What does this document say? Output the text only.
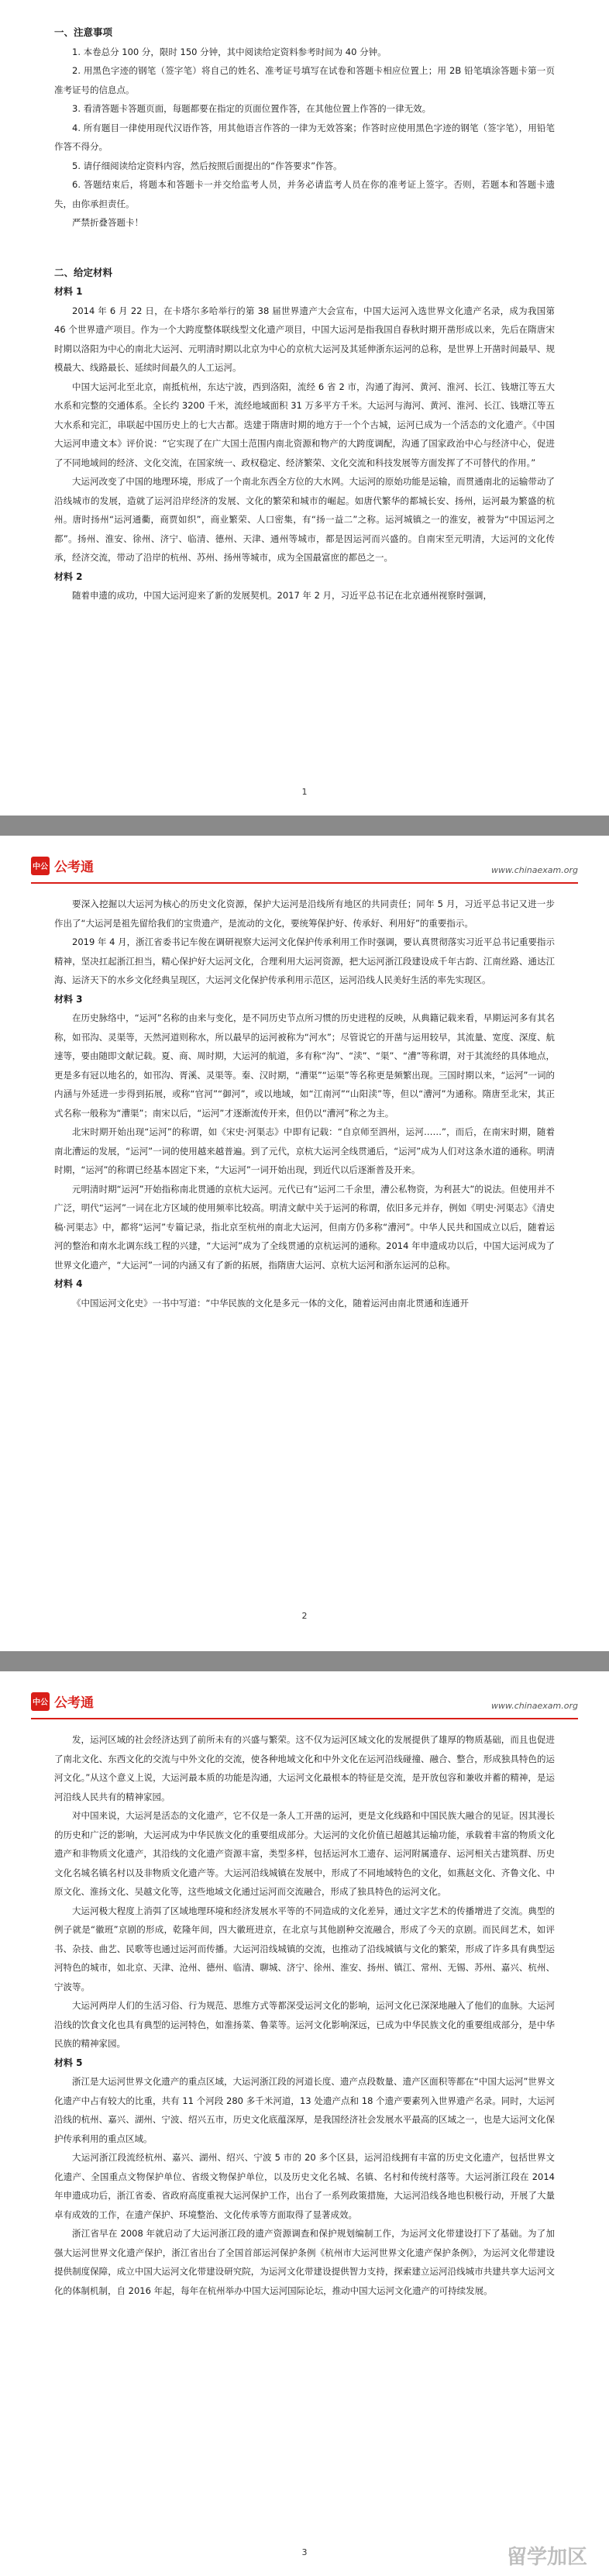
一、注意事项

1. 本卷总分 100 分，限时 150 分钟，其中阅读给定资料参考时间为 40 分钟。

2. 用黑色字迹的钢笔（签字笔）将自己的姓名、准考证号填写在试卷和答题卡相应位置上；用 2B 铅笔填涂答题卡第一页准考证号的信息点。

3. 看清答题卡答题页面，每题都要在指定的页面位置作答，在其他位置上作答的一律无效。

4. 所有题目一律使用现代汉语作答，用其他语言作答的一律为无效答案；作答时应使用黑色字迹的钢笔（签字笔），用铅笔作答不得分。

5. 请仔细阅读给定资料内容，然后按照后面提出的“作答要求”作答。

6. 答题结束后，将题本和答题卡一并交给监考人员，并务必请监考人员在你的准考证上签字。否则，若题本和答题卡遗失，由你承担责任。

严禁折叠答题卡！

二、给定材料
材料 1

2014 年 6 月 22 日，在卡塔尔多哈举行的第 38 届世界遗产大会宣布，中国大运河入选世界文化遗产名录，成为我国第 46 个世界遗产项目。作为一个大跨度整体联线型文化遗产项目，中国大运河是指我国自春秋时期开凿形成以来，先后在隋唐宋时期以洛阳为中心的南北大运河、元明清时期以北京为中心的京杭大运河及其延伸浙东运河的总称，是世界上开凿时间最早、规模最大、线路最长、延续时间最久的人工运河。

中国大运河北至北京，南抵杭州，东达宁波，西到洛阳，流经 6 省 2 市，沟通了海河、黄河、淮河、长江、钱塘江等五大水系和完整的交通体系。全长约 3200 千米，流经地域面积 31 万多平方千米。大运河与海河、黄河、淮河、长江、钱塘江等五大水系和完汇，串联起中国历史上的七大古都。迭建于隋唐时期的地方于一个个古城，运河已成为一个活态的文化遗产。《中国大运河申遗文本》评价说：“它实现了在广大国土范围内南北资源和物产的大跨度调配，沟通了国家政治中心与经济中心，促进了不同地域间的经济、文化交流，在国家统一、政权稳定、经济繁荣、文化交流和科技发展等方面发挥了不可替代的作用。”

大运河改变了中国的地理环境，形成了一个南北东西全方位的大水网。大运河的原始功能是运输，而贯通南北的运输带动了沿线城市的发展，造就了运河沿岸经济的发展、文化的繁荣和城市的崛起。如唐代繁华的都城长安、扬州，运河最为繁盛的杭州。唐时扬州“运河通衢，商贾如织”，商业繁荣、人口密集，有“扬一益二”之称。运河城镇之一的淮安，被誉为“中国运河之都”。扬州、淮安、徐州、济宁、临清、德州、天津、通州等城市，都是因运河而兴盛的。自南宋至元明清，大运河的文化传承，经济交流，带动了沿岸的杭州、苏州、扬州等城市，成为全国最富庶的都邑之一。

材料 2

随着申遗的成功，中国大运河迎来了新的发展契机。2017 年 2 月，习近平总书记在北京通州视察时强调，

1
中公 公考通	www.chinaexam.org

要深入挖掘以大运河为核心的历史文化资源，保护大运河是沿线所有地区的共同责任；同年 5 月，习近平总书记又进一步作出了“大运河是祖先留给我们的宝贵遗产，是流动的文化，要统筹保护好、传承好、利用好”的重要指示。

2019 年 4 月，浙江省委书记车俊在调研视察大运河文化保护传承利用工作时强调，要认真贯彻落实习近平总书记重要指示精神，坚决扛起浙江担当，精心保护好大运河文化，合理利用大运河资源，把大运河浙江段建设成千年古韵、江南丝路、通达江海、运济天下的水乡文化经典呈现区，大运河文化保护传承利用示范区，运河沿线人民美好生活的率先实现区。

材料 3

在历史脉络中，“运河”名称的由来与变化，是不同历史节点所习惯的历史进程的反映，从典籍记载来看，早期运河多有其名称，如邗沟、灵渠等，天然河道则称水，所以最早的运河被称为“河水”；尽管说它的开凿与运用较早，其流量、宽度、深度、航速等，要由随即文献记载。夏、商、周时期，大运河的航道，多有称“沟”、“渎”、“渠”、“漕”等称谓，对于其流经的具体地点，更是多有冠以地名的，如邗沟、胥溪、灵渠等。秦、汉时期，“漕渠”“运渠”等名称更是频繁出现。三国时期以来，“运河”一词的内涵与外延进一步得到拓展，或称“官河”“御河”，或以地域，如“江南河”“山阳渎”等，但以“漕河”为通称。隋唐至北宋，其正式名称一般称为“漕渠”；南宋以后，“运河”才逐渐流传开来，但仍以“漕河”称之为主。

北宋时期开始出现“运河”的称谓，如《宋史·河渠志》中即有记载：“自京师至泗州，运河……”，而后，在南宋时期，随着南北漕运的发展，“运河”一词的使用越来越普遍。到了元代，京杭大运河全线贯通后，“运河”成为人们对这条水道的通称。明清时期，“运河”的称谓已经基本固定下来，“大运河”一词开始出现，到近代以后逐渐普及开来。

元明清时期“运河”开始指称南北贯通的京杭大运河。元代已有“运河二千余里，漕公私物资，为利甚大”的说法。但使用并不广泛，明代“运河”一词在北方区域的使用频率比较高。明清文献中关于运河的称谓，依旧多元并存，例如《明史·河渠志》《清史稿·河渠志》中，都将“运河”专篇记录，指北京至杭州的南北大运河，但南方仍多称“漕河”。中华人民共和国成立以后，随着运河的整治和南水北调东线工程的兴建，“大运河”成为了全线贯通的京杭运河的通称。2014 年申遗成功以后，中国大运河成为了世界文化遗产，“大运河”一词的内涵又有了新的拓展，指隋唐大运河、京杭大运河和浙东运河的总称。

材料 4

《中国运河文化史》一书中写道：“中华民族的文化是多元一体的文化，随着运河由南北贯通和连通开

2
中公 公考通	www.chinaexam.org

发，运河区域的社会经济达到了前所未有的兴盛与繁荣。这不仅为运河区域文化的发展提供了雄厚的物质基础，而且也促进了南北文化、东西文化的交流与中外文化的交流，使各种地域文化和中外文化在运河沿线碰撞、融合、整合，形成独具特色的运河文化。”从这个意义上说，大运河最本质的功能是沟通，大运河文化最根本的特征是交流，是开放包容和兼收并蓄的精神，是运河沿线人民共有的精神家园。

对中国来说，大运河是活态的文化遗产，它不仅是一条人工开凿的运河，更是文化线路和中国民族大融合的见证。因其漫长的历史和广泛的影响，大运河成为中华民族文化的重要组成部分。大运河的文化价值已超越其运输功能，承载着丰富的物质文化遗产和非物质文化遗产，其沿线的文化遗产资源丰富，类型多样，包括运河水工遗存、运河附属遗存、运河相关古建筑群、历史文化名城名镇名村以及非物质文化遗产等。大运河沿线城镇在发展中，形成了不同地域特色的文化，如燕赵文化、齐鲁文化、中原文化、淮扬文化、吴越文化等，这些地域文化通过运河而交流融合，形成了独具特色的运河文化。

大运河极大程度上消弭了区域地理环境和经济发展水平等的不同造成的文化差异，通过文字艺术的传播增进了交流。典型的例子就是“徽班”京剧的形成，乾隆年间，四大徽班进京，在北京与其他剧种交流融合，形成了今天的京剧。而民间艺术，如评书、杂技、曲艺、民歌等也通过运河而传播。大运河沿线城镇的交流，也推动了沿线城镇与文化的繁荣，形成了许多具有典型运河特色的城市，如北京、天津、沧州、德州、临清、聊城、济宁、徐州、淮安、扬州、镇江、常州、无锡、苏州、嘉兴、杭州、宁波等。

大运河两岸人们的生活习俗、行为规范、思维方式等都深受运河文化的影响，运河文化已深深地融入了他们的血脉。大运河沿线的饮食文化也具有典型的运河特色，如淮扬菜、鲁菜等。运河文化影响深远，已成为中华民族文化的重要组成部分，是中华民族的精神家园。

材料 5

浙江是大运河世界文化遗产的重点区域，大运河浙江段的河道长度、遗产点段数量、遗产区面积等都在“中国大运河”世界文化遗产中占有较大的比重，共有 11 个河段 280 多千米河道，13 处遗产点和 18 个遗产要素列入世界遗产名录。同时，大运河沿线的杭州、嘉兴、湖州、宁波、绍兴五市，历史文化底蕴深厚，是我国经济社会发展水平最高的区域之一，也是大运河文化保护传承利用的重点区域。

大运河浙江段流经杭州、嘉兴、湖州、绍兴、宁波 5 市的 20 多个区县，运河沿线拥有丰富的历史文化遗产，包括世界文化遗产、全国重点文物保护单位、省级文物保护单位，以及历史文化名城、名镇、名村和传统村落等。大运河浙江段在 2014 年申遗成功后，浙江省委、省政府高度重视大运河保护工作，出台了一系列政策措施，大运河沿线各地也积极行动，开展了大量卓有成效的工作，在遗产保护、环境整治、文化传承等方面取得了显著成效。

浙江省早在 2008 年就启动了大运河浙江段的遗产资源调查和保护规划编制工作，为运河文化带建设打下了基础。为了加强大运河世界文化遗产保护，浙江省出台了全国首部运河保护条例《杭州市大运河世界文化遗产保护条例》，为运河文化带建设提供制度保障，成立中国大运河文化带建设研究院，为运河文化带建设提供智力支持，探索建立运河沿线城市共建共享大运河文化的体制机制，自 2016 年起，每年在杭州举办中国大运河国际论坛，推动中国大运河文化遗产的可持续发展。

3	留学加区
